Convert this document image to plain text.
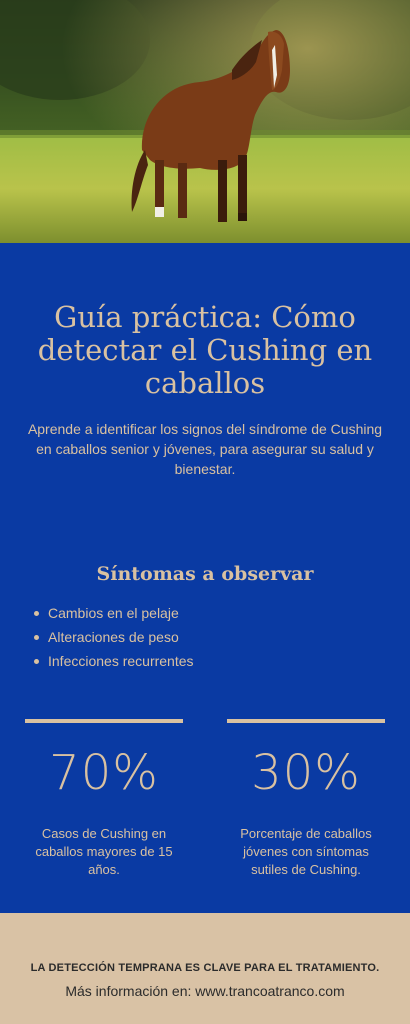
Guía práctica: Cómo detectar el Cushing en caballos

Aprende a identificar los signos del síndrome de Cushing en caballos senior y jóvenes, para asegurar su salud y bienestar.

Síntomas a observar
Cambios en el pelaje
Alteraciones de peso
Infecciones recurrentes
70%
Casos de Cushing en caballos mayores de 15 años.
30%
Porcentaje de caballos jóvenes con síntomas sutiles de Cushing.
LA DETECCIÓN TEMPRANA ES CLAVE PARA EL TRATAMIENTO.
Más información en: www.trancoatranco.com
